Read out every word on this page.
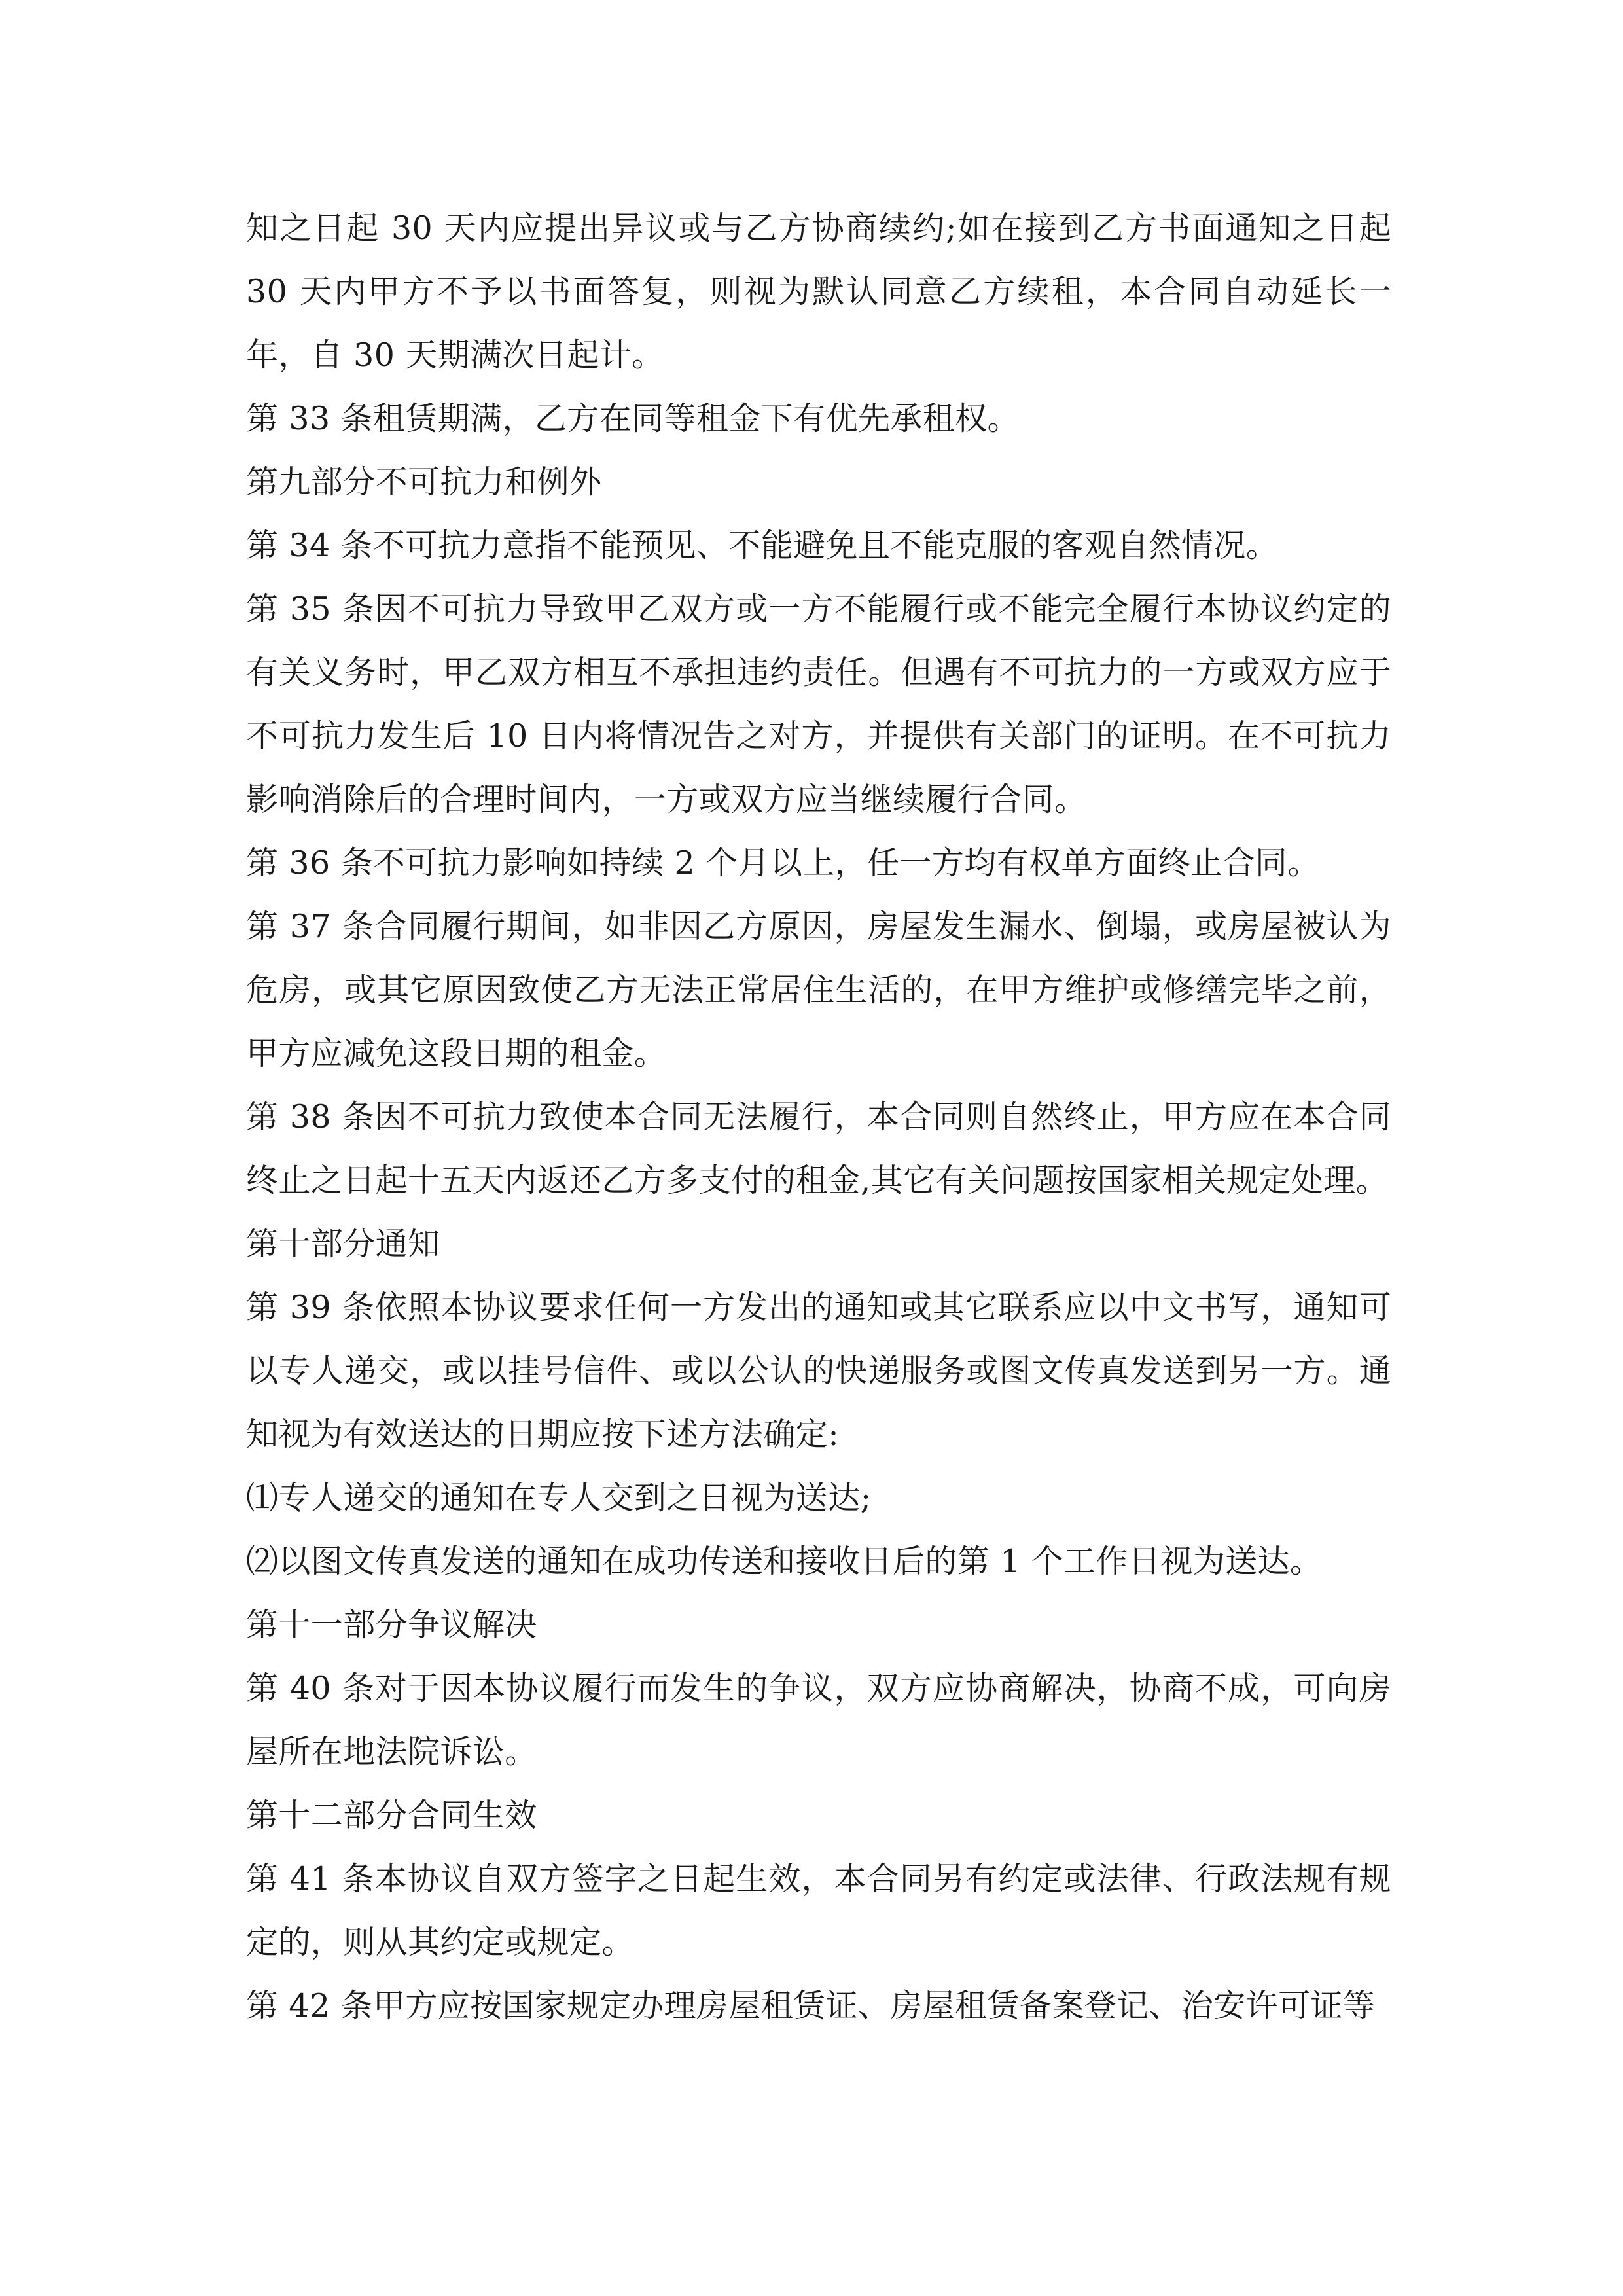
知之日起 30 天内应提出异议或与乙方协商续约;如在接到乙方书面通知之日起 30 天内甲方不予以书面答复，则视为默认同意乙方续租，本合同自动延长一年，自 30 天期满次日起计。

第 33 条租赁期满，乙方在同等租金下有优先承租权。

第九部分不可抗力和例外

第 34 条不可抗力意指不能预见、不能避免且不能克服的客观自然情况。

第 35 条因不可抗力导致甲乙双方或一方不能履行或不能完全履行本协议约定的有关义务时，甲乙双方相互不承担违约责任。但遇有不可抗力的一方或双方应于不可抗力发生后 10 日内将情况告之对方，并提供有关部门的证明。在不可抗力影响消除后的合理时间内，一方或双方应当继续履行合同。

第 36 条不可抗力影响如持续 2 个月以上，任一方均有权单方面终止合同。

第 37 条合同履行期间，如非因乙方原因，房屋发生漏水、倒塌，或房屋被认为危房，或其它原因致使乙方无法正常居住生活的，在甲方维护或修缮完毕之前，甲方应减免这段日期的租金。

第 38 条因不可抗力致使本合同无法履行，本合同则自然终止，甲方应在本合同终止之日起十五天内返还乙方多支付的租金,其它有关问题按国家相关规定处理。

第十部分通知

第 39 条依照本协议要求任何一方发出的通知或其它联系应以中文书写，通知可以专人递交，或以挂号信件、或以公认的快递服务或图文传真发送到另一方。通知视为有效送达的日期应按下述方法确定:

⑴专人递交的通知在专人交到之日视为送达;

⑵以图文传真发送的通知在成功传送和接收日后的第 1 个工作日视为送达。

第十一部分争议解决

第 40 条对于因本协议履行而发生的争议，双方应协商解决，协商不成，可向房屋所在地法院诉讼。

第十二部分合同生效

第 41 条本协议自双方签字之日起生效，本合同另有约定或法律、行政法规有规定的，则从其约定或规定。

第 42 条甲方应按国家规定办理房屋租赁证、房屋租赁备案登记、治安许可证等
